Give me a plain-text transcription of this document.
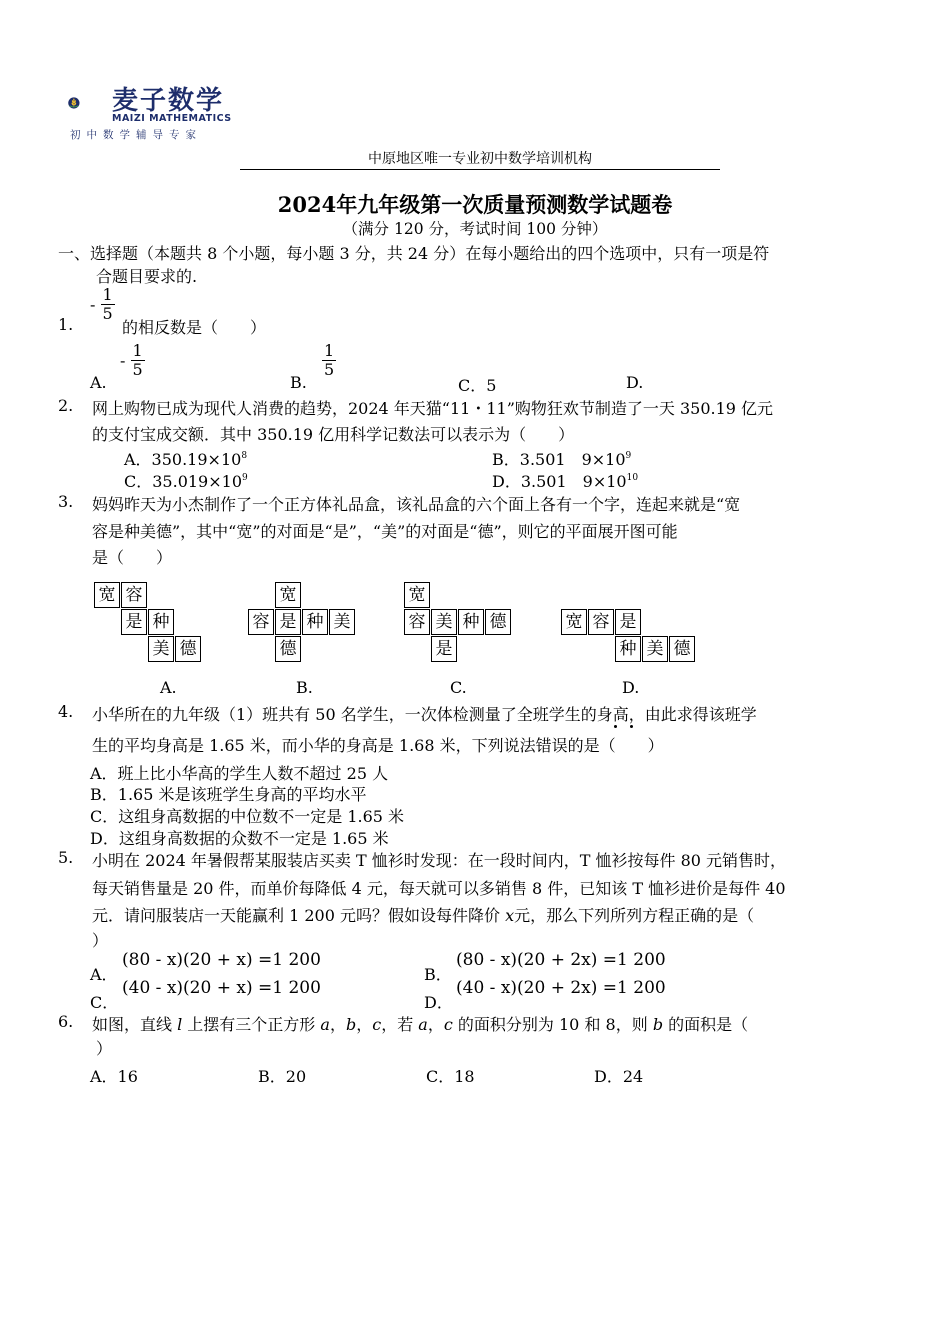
麦子数学
MAIZI MATHEMATICS
初中数学辅导专家
中原地区唯一专业初中数学培训机构
2024年九年级第一次质量预测数学试题卷
（满分 120 分，考试时间 100 分钟）
一、选择题（本题共 8 个小题，每小题 3 分，共 24 分）在每小题给出的四个选项中，只有一项是符
合题目要求的.
1.
- $\frac{1}{5}$
的相反数是（　　）
A.
- $\frac{1}{5}$
B.
$\frac{1}{5}$
C．5	D.
2. 网上购物已成为现代人消费的趋势，2024 年天猫“11・11”购物狂欢节制造了一天 350.19 亿元
的支付宝成交额．其中 350.19 亿用科学记数法可以表示为（　　）
A．$350.19\times 10^8$	B．3.501　$9\times 10^9$
C．$35.019\times 10^9$	D．3.501　$9\times 10^{10}$
3. 妈妈昨天为小杰制作了一个正方体礼品盒，该礼品盒的六个面上各有一个字，连起来就是“宽
容是种美德”，其中“宽”的对面是“是”，“美”的对面是“德”，则它的平面展开图可能
是（　　）
宽 容
是 种
美 德
宽
容 是 种 美
德
宽
容 美 种 德
是
宽 容 是
种 美 德
A.	B.	C.	D.
4. 小华所在的九年级（1）班共有 50 名学生，一次体检测量了全班学生的身高，由此求得该班学
生的平均身高是 1.65 米，而小华的身高是 1.68 米，下列说法错误的是（　　）
A．班上比小华高的学生人数不超过 25 人
B．1.65 米是该班学生身高的平均水平
C．这组身高数据的中位数不一定是 1.65 米
D．这组身高数据的众数不一定是 1.65 米
5. 小明在 2024 年暑假帮某服装店买卖 T 恤衫时发现：在一段时间内，T 恤衫按每件 80 元销售时，
每天销售量是 20 件，而单价每降低 4 元，每天就可以多销售 8 件，已知该 T 恤衫进价是每件 40
元．请问服装店一天能赢利 1 200 元吗？假如设每件降价 x元，那么下列所列方程正确的是（
）
A．
(80 - x)(20 + x) =1 200
B．
(80 - x)(20 + 2x) =1 200
C．
(40 - x)(20 + x) =1 200
D．
(40 - x)(20 + 2x) =1 200
6. 如图，直线 l 上摆有三个正方形 a，b，c，若 a，c 的面积分别为 10 和 8，则 b 的面积是（
）
A．16	B．20	C．18	D．24
